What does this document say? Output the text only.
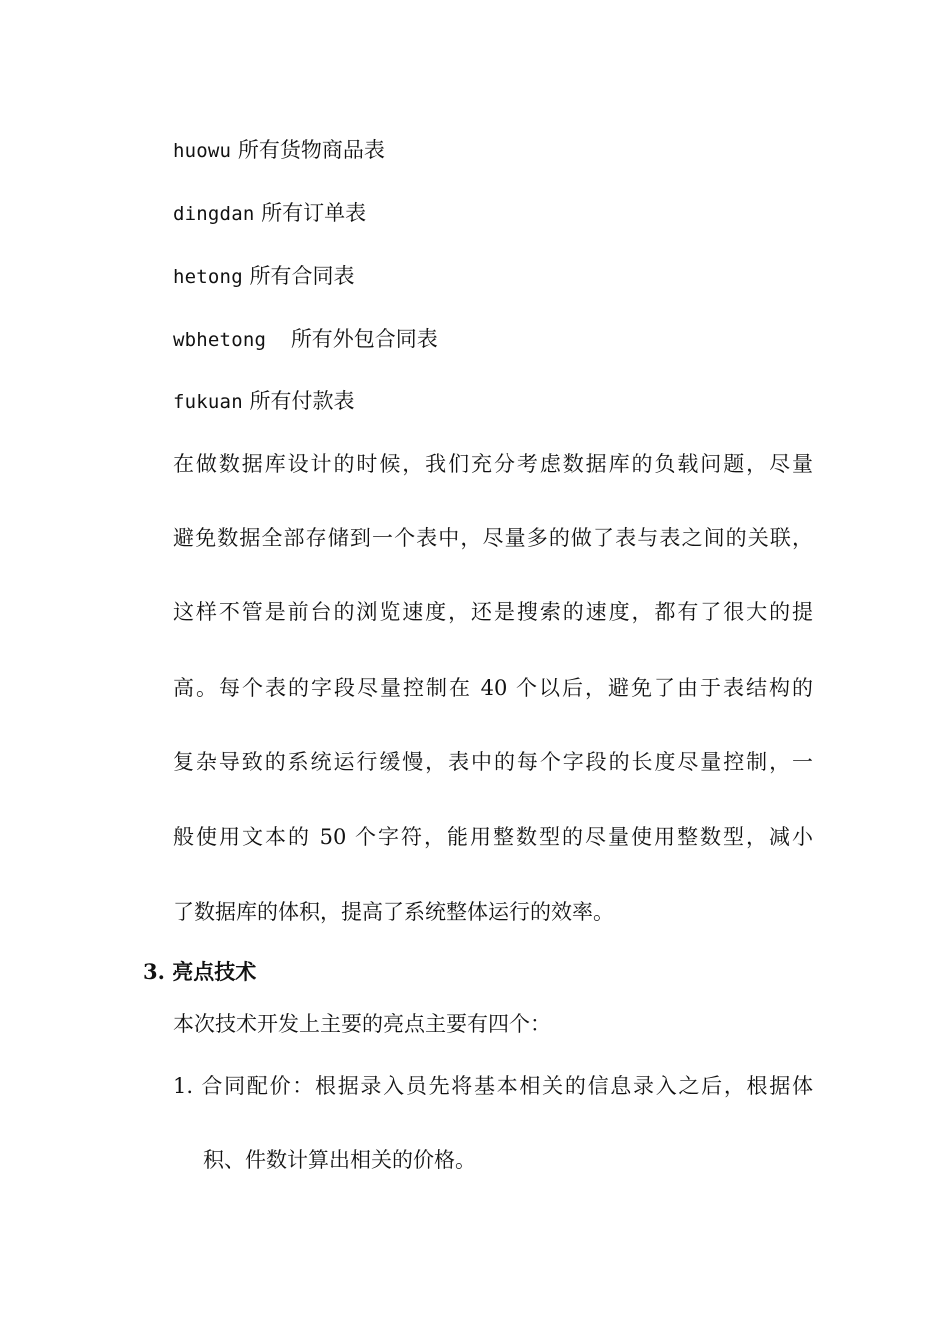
huowu 所有货物商品表
dingdan 所有订单表
hetong 所有合同表
wbhetong 所有外包合同表
fukuan 所有付款表
在做数据库设计的时候，我们充分考虑数据库的负载问题，尽量
避免数据全部存储到一个表中，尽量多的做了表与表之间的关联，
这样不管是前台的浏览速度，还是搜索的速度，都有了很大的提
高。每个表的字段尽量控制在 40 个以后，避免了由于表结构的
复杂导致的系统运行缓慢，表中的每个字段的长度尽量控制，一
般使用文本的 50 个字符，能用整数型的尽量使用整数型，减小
了数据库的体积，提高了系统整体运行的效率。
3. 亮点技术
本次技术开发上主要的亮点主要有四个：
1. 合同配价：根据录入员先将基本相关的信息录入之后，根据体
积、件数计算出相关的价格。
